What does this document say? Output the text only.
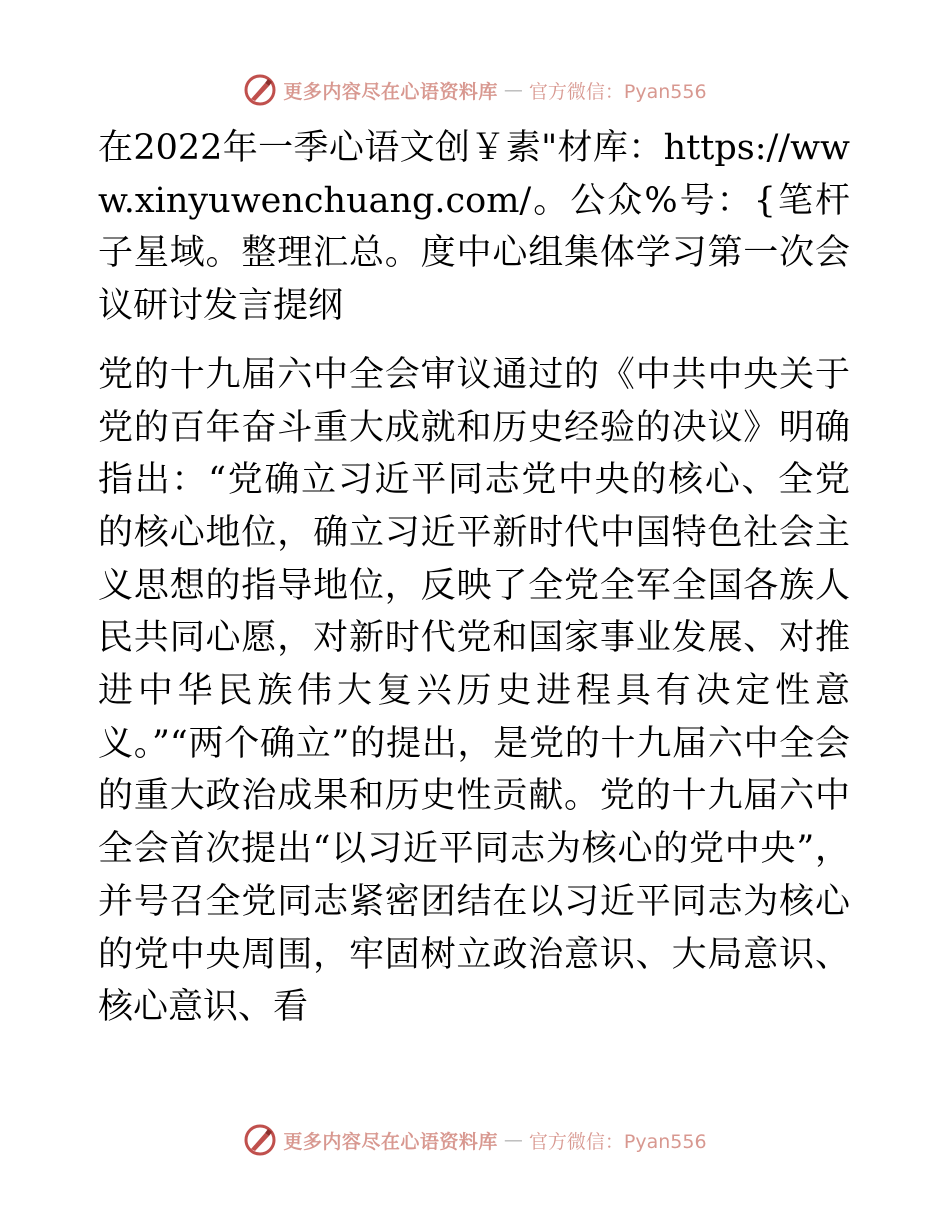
更多内容尽在心语资料库 — 官方微信：Pyan556

在2022年一季心语文创￥素"材库：https://www.xinyuwenchuang.com/。公众%号：{笔杆子星域。整理汇总。度中心组集体学习第一次会议研讨发言提纲

党的十九届六中全会审议通过的《中共中央关于党的百年奋斗重大成就和历史经验的决议》明确指出：“党确立习近平同志党中央的核心、全党的核心地位，确立习近平新时代中国特色社会主义思想的指导地位，反映了全党全军全国各族人民共同心愿，对新时代党和国家事业发展、对推进中华民族伟大复兴历史进程具有决定性意义。”“两个确立”的提出，是党的十九届六中全会的重大政治成果和历史性贡献。党的十九届六中全会首次提出“以习近平同志为核心的党中央”，并号召全党同志紧密团结在以习近平同志为核心的党中央周围，牢固树立政治意识、大局意识、核心意识、看

更多内容尽在心语资料库 — 官方微信：Pyan556
